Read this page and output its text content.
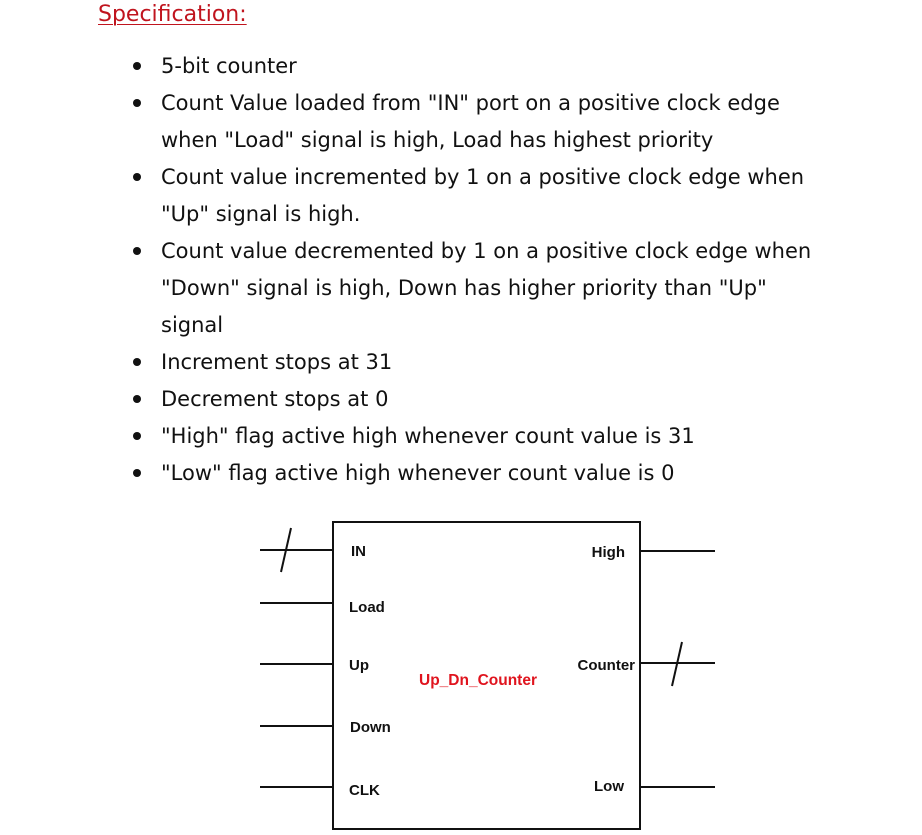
Specification:
5-bit counter
Count Value loaded from "IN" port on a positive clock edge when "Load" signal is high, Load has highest priority
Count value incremented by 1 on a positive clock edge when "Up" signal is high.
Count value decremented by 1 on a positive clock edge when "Down" signal is high, Down has higher priority than "Up" signal
Increment stops at 31
Decrement stops at 0
"High" flag active high whenever count value is 31
"Low" flag active high whenever count value is 0
IN
Load
Up
Down
CLK
High
Counter
Low
Up_Dn_Counter
